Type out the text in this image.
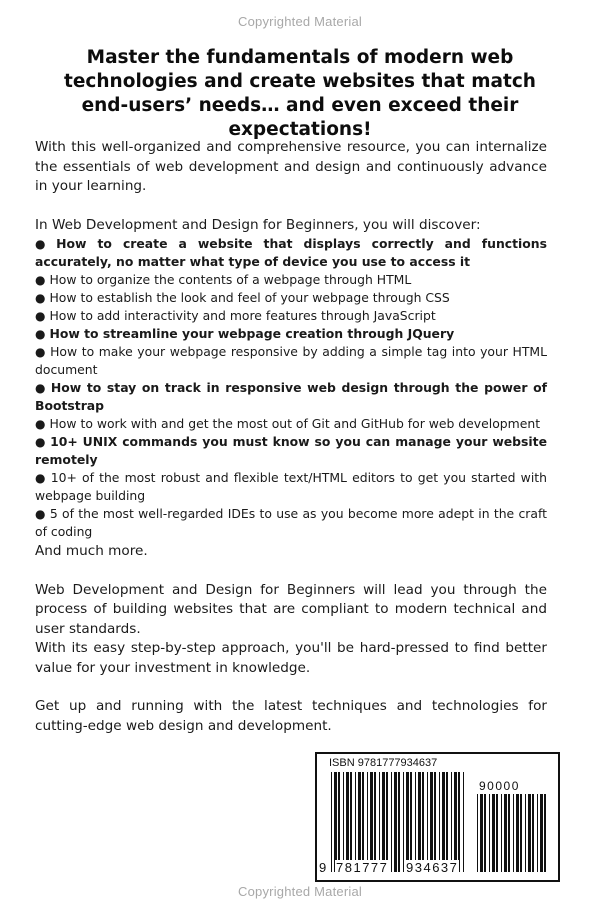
Copyrighted Material
Master the fundamentals of modern web technologies and create websites that match end-users’ needs… and even exceed their expectations!

With this well-organized and comprehensive resource, you can internalize the essentials of web development and design and continuously advance in your learning.

In Web Development and Design for Beginners, you will discover:

● How to create a website that displays correctly and functions accurately, no matter what type of device you use to access it
● How to organize the contents of a webpage through HTML
● How to establish the look and feel of your webpage through CSS
● How to add interactivity and more features through JavaScript
● How to streamline your webpage creation through JQuery
● How to make your webpage responsive by adding a simple tag into your HTML document
● How to stay on track in responsive web design through the power of Bootstrap
● How to work with and get the most out of Git and GitHub for web development
● 10+ UNIX commands you must know so you can manage your website remotely
● 10+ of the most robust and flexible text/HTML editors to get you started with webpage building
● 5 of the most well-regarded IDEs to use as you become more adept in the craft of coding

And much more.

Web Development and Design for Beginners will lead you through the process of building websites that are compliant to modern technical and user standards.

With its easy step-by-step approach, you'll be hard-pressed to find better value for your investment in knowledge.

Get up and running with the latest techniques and technologies for cutting-edge web design and development.

ISBN 9781777934637
90000
9 781777 934637
Copyrighted Material
